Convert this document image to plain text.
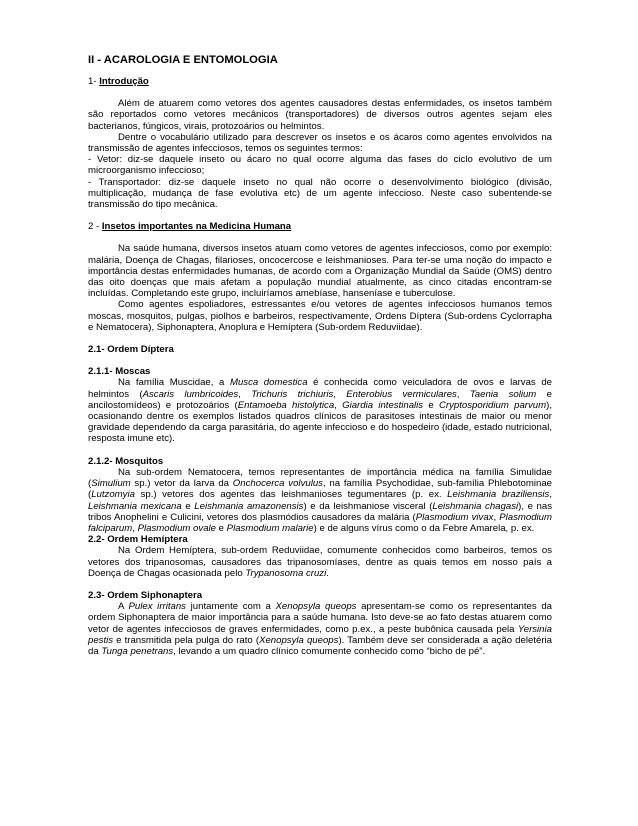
II - ACAROLOGIA E ENTOMOLOGIA

1- Introdução

Além de atuarem como vetores dos agentes causadores destas enfermidades, os insetos também são reportados como vetores mecânicos (transportadores) de diversos outros agentes sejam eles bacterianos, fúngicos, virais, protozoários ou helmintos.

Dentre o vocabulário utilizado para descrever os insetos e os ácaros como agentes envolvidos na transmissão de agentes infecciosos, temos os seguintes termos:

- Vetor: diz-se daquele inseto ou ácaro no qual ocorre alguma das fases do ciclo evolutivo de um microorganismo infeccioso;

- Transportador: diz-se daquele inseto no qual não ocorre o desenvolvimento biológico (divisão, multiplicação, mudança de fase evolutiva etc) de um agente infeccioso. Neste caso subentende-se transmissão do tipo mecânica.

2 - Insetos importantes na Medicina Humana

Na saúde humana, diversos insetos atuam como vetores de agentes infecciosos, como por exemplo: malária, Doença de Chagas, filarioses, oncocercose e leishmanioses. Para ter-se uma noção do impacto e importância destas enfermidades humanas, de acordo com a Organização Mundial da Saúde (OMS) dentro das oito doenças que mais afetam a população mundial atualmente, as cinco citadas encontram-se incluídas. Completando este grupo, incluiríamos amebíase, hanseníase e tuberculose.

Como agentes espoliadores, estressantes e/ou vetores de agentes infecciosos humanos temos moscas, mosquitos, pulgas, piolhos e barbeiros, respectivamente, Ordens Díptera (Sub-ordens Cyclorrapha e Nematocera), Siphonaptera, Anoplura e Hemíptera (Sub-ordem Reduviidae).

2.1- Ordem Díptera

2.1.1- Moscas

Na família Muscidae, a Musca domestica é conhecida como veiculadora de ovos e larvas de helmintos (Ascaris lumbricoides, Trichuris trichiuris, Enterobius vermiculares, Taenia solium e ancilostomídeos) e protozoários (Entamoeba histolytica, Giardia intestinalis e Cryptosporidium parvum), ocasionando dentre os exemplos listados quadros clínicos de parasitoses intestinais de maior ou menor gravidade dependendo da carga parasitária, do agente infeccioso e do hospedeiro (idade, estado nutricional, resposta imune etc).

2.1.2- Mosquitos

Na sub-ordem Nematocera, temos representantes de importância médica na família Simulidae (Simulium sp.) vetor da larva da Onchocerca volvulus, na família Psychodidae, sub-família Phlebotominae (Lutzomyia sp.) vetores dos agentes das leishmanioses tegumentares (p. ex. Leishmania braziliensis, Leishmania mexicana e Leishmania amazonensis) e da leishmaniose visceral (Leishmania chagasi), e nas tribos Anophelini e Culicini, vetores dos plasmódios causadores da malária (Plasmodium vivax, Plasmodium falciparum, Plasmodium ovale e Plasmodium malarie) e de alguns vírus como o da Febre Amarela, p. ex.

2.2- Ordem Hemíptera

Na Ordem Hemíptera, sub-ordem Reduviidae, comumente conhecidos como barbeiros, temos os vetores dos tripanosomas, causadores das tripanosomíases, dentre as quais temos em nosso país a Doença de Chagas ocasionada pelo Trypanosoma cruzi.

2.3- Ordem Siphonaptera

A Pulex irritans juntamente com a Xenopsyla queops apresentam-se como os representantes da ordem Siphonaptera de maior importância para a saúde humana. Isto deve-se ao fato destas atuarem como vetor de agentes infecciosos de graves enfermidades, como p.ex., a peste bubônica causada pela Yersinia pestis e transmitida pela pulga do rato (Xenopsyla queops). Também deve ser considerada a ação deletéria da Tunga penetrans, levando a um quadro clínico comumente conhecido como “bicho de pé”.
